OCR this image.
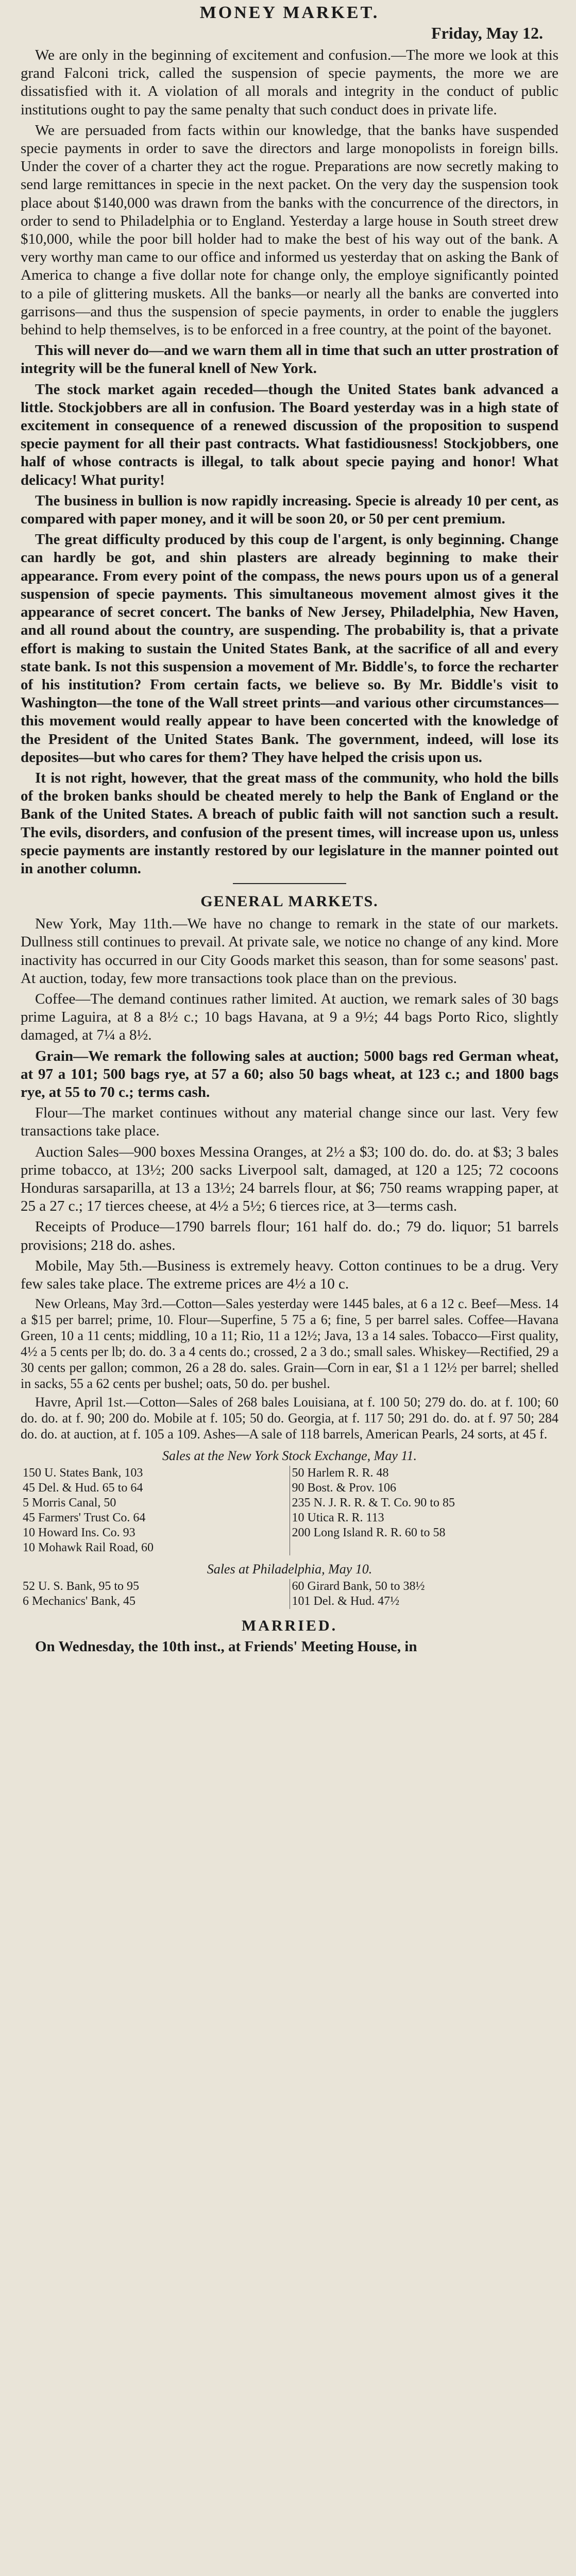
MONEY MARKET.
Friday, May 12.

We are only in the beginning of excitement and confusion.—The more we look at this grand Falconi trick, called the suspension of specie payments, the more we are dissatisfied with it. A violation of all morals and integrity in the conduct of public institutions ought to pay the same penalty that such conduct does in private life.

We are persuaded from facts within our knowledge, that the banks have suspended specie payments in order to save the directors and large monopolists in foreign bills. Under the cover of a charter they act the rogue. Preparations are now secretly making to send large remittances in specie in the next packet. On the very day the suspension took place about $140,000 was drawn from the banks with the concurrence of the directors, in order to send to Philadelphia or to England. Yesterday a large house in South street drew $10,000, while the poor bill holder had to make the best of his way out of the bank. A very worthy man came to our office and informed us yesterday that on asking the Bank of America to change a five dollar note for change only, the employe significantly pointed to a pile of glittering muskets. All the banks—or nearly all the banks are converted into garrisons—and thus the suspension of specie payments, in order to enable the jugglers behind to help themselves, is to be enforced in a free country, at the point of the bayonet.

This will never do—and we warn them all in time that such an utter prostration of integrity will be the funeral knell of New York.

The stock market again receded—though the United States bank advanced a little. Stockjobbers are all in confusion. The Board yesterday was in a high state of excitement in consequence of a renewed discussion of the proposition to suspend specie payment for all their past contracts. What fastidiousness! Stockjobbers, one half of whose contracts is illegal, to talk about specie paying and honor! What delicacy! What purity!

The business in bullion is now rapidly increasing. Specie is already 10 per cent, as compared with paper money, and it will be soon 20, or 50 per cent premium.

The great difficulty produced by this coup de l'argent, is only beginning. Change can hardly be got, and shin plasters are already beginning to make their appearance. From every point of the compass, the news pours upon us of a general suspension of specie payments. This simultaneous movement almost gives it the appearance of secret concert. The banks of New Jersey, Philadelphia, New Haven, and all round about the country, are suspending. The probability is, that a private effort is making to sustain the United States Bank, at the sacrifice of all and every state bank. Is not this suspension a movement of Mr. Biddle's, to force the recharter of his institution? From certain facts, we believe so. By Mr. Biddle's visit to Washington—the tone of the Wall street prints—and various other circumstances—this movement would really appear to have been concerted with the knowledge of the President of the United States Bank. The government, indeed, will lose its deposites—but who cares for them? They have helped the crisis upon us.

It is not right, however, that the great mass of the community, who hold the bills of the broken banks should be cheated merely to help the Bank of England or the Bank of the United States. A breach of public faith will not sanction such a result. The evils, disorders, and confusion of the present times, will increase upon us, unless specie payments are instantly restored by our legislature in the manner pointed out in another column.

GENERAL MARKETS.

New York, May 11th.—We have no change to remark in the state of our markets. Dullness still continues to prevail. At private sale, we notice no change of any kind. More inactivity has occurred in our City Goods market this season, than for some seasons' past. At auction, today, few more transactions took place than on the previous.

Coffee—The demand continues rather limited. At auction, we remark sales of 30 bags prime Laguira, at 8 a 8½ c.; 10 bags Havana, at 9 a 9½; 44 bags Porto Rico, slightly damaged, at 7¼ a 8½.

Grain—We remark the following sales at auction; 5000 bags red German wheat, at 97 a 101; 500 bags rye, at 57 a 60; also 50 bags wheat, at 123 c.; and 1800 bags rye, at 55 to 70 c.; terms cash.

Flour—The market continues without any material change since our last. Very few transactions take place.

Auction Sales—900 boxes Messina Oranges, at 2½ a $3; 100 do. do. do. at $3; 3 bales prime tobacco, at 13½; 200 sacks Liverpool salt, damaged, at 120 a 125; 72 cocoons Honduras sarsaparilla, at 13 a 13½; 24 barrels flour, at $6; 750 reams wrapping paper, at 25 a 27 c.; 17 tierces cheese, at 4½ a 5½; 6 tierces rice, at 3—terms cash.

Receipts of Produce—1790 barrels flour; 161 half do. do.; 79 do. liquor; 51 barrels provisions; 218 do. ashes.

Mobile, May 5th.—Business is extremely heavy. Cotton continues to be a drug. Very few sales take place. The extreme prices are 4½ a 10 c.

New Orleans, May 3rd.—Cotton—Sales yesterday were 1445 bales, at 6 a 12 c. Beef—Mess. 14 a $15 per barrel; prime, 10. Flour—Superfine, 5 75 a 6; fine, 5 per barrel sales. Coffee—Havana Green, 10 a 11 cents; middling, 10 a 11; Rio, 11 a 12½; Java, 13 a 14 sales. Tobacco—First quality, 4½ a 5 cents per lb; do. do. 3 a 4 cents do.; crossed, 2 a 3 do.; small sales. Whiskey—Rectified, 29 a 30 cents per gallon; common, 26 a 28 do. sales. Grain—Corn in ear, $1 a 1 12½ per barrel; shelled in sacks, 55 a 62 cents per bushel; oats, 50 do. per bushel.

Havre, April 1st.—Cotton—Sales of 268 bales Louisiana, at f. 100 50; 279 do. do. at f. 100; 60 do. do. at f. 90; 200 do. Mobile at f. 105; 50 do. Georgia, at f. 117 50; 291 do. do. at f. 97 50; 284 do. do. at auction, at f. 105 a 109. Ashes—A sale of 118 barrels, American Pearls, 24 sorts, at 45 f.

Sales at the New York Stock Exchange, May 11.
150 U. States Bank, 103	50 Harlem R. R. 48
45 Del. & Hud. 65 to 64	90 Bost. & Prov. 106
5 Morris Canal, 50	235 N. J. R. R. & T. Co. 90 to 85
45 Farmers' Trust Co. 64	10 Utica R. R. 113
10 Howard Ins. Co. 93	200 Long Island R. R. 60 to 58
10 Mohawk Rail Road, 60	
Sales at Philadelphia, May 10.
52 U. S. Bank, 95 to 95	60 Girard Bank, 50 to 38½
6 Mechanics' Bank, 45	101 Del. & Hud. 47½
MARRIED.

On Wednesday, the 10th inst., at Friends' Meeting House, in
